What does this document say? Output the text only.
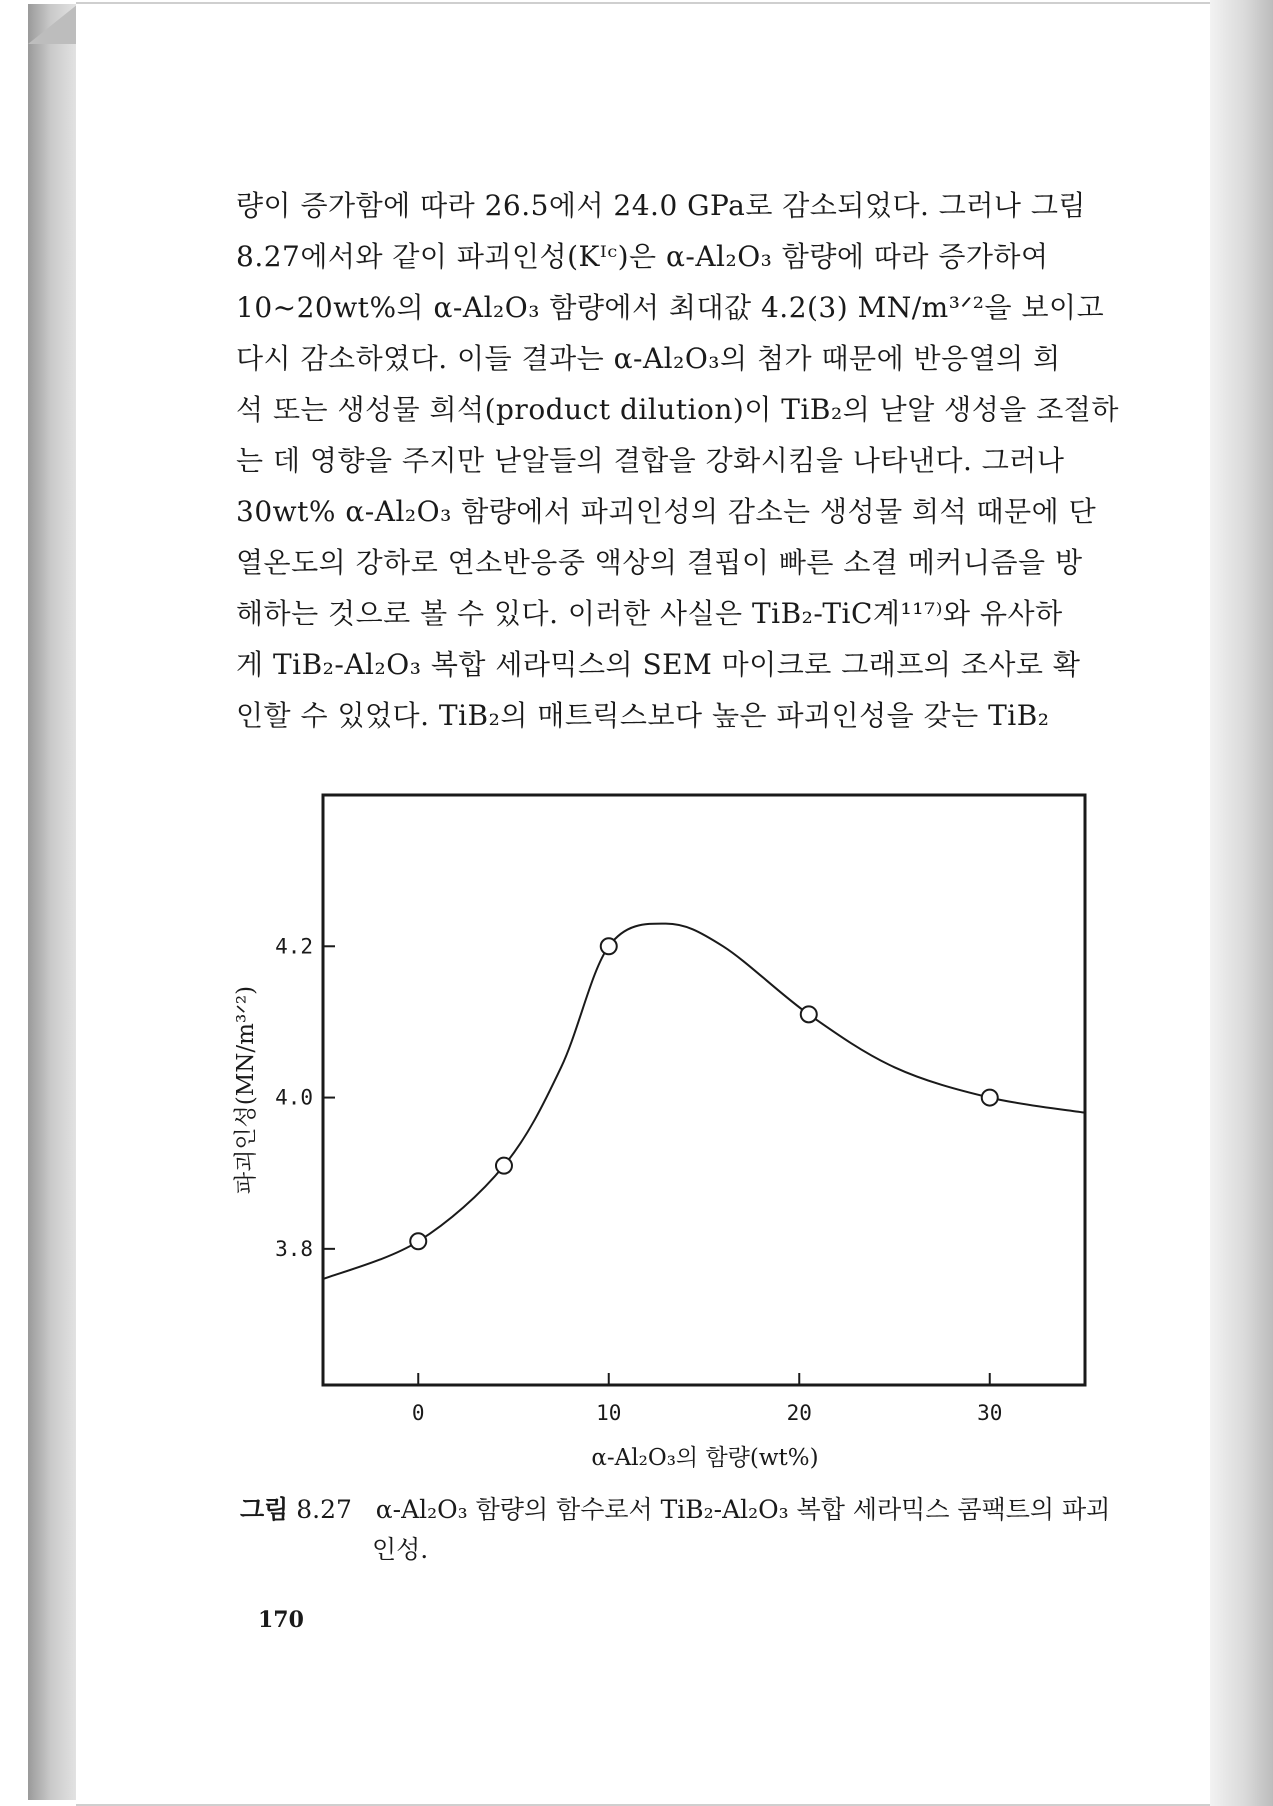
량이 증가함에 따라 26.5에서 24.0 GPa로 감소되었다. 그러나 그림
8.27에서와 같이 파괴인성(Kᴵᶜ)은 α-Al₂O₃ 함량에 따라 증가하여
10~20wt%의 α-Al₂O₃ 함량에서 최대값 4.2(3) MN/m³ᐟ²을 보이고
다시 감소하였다. 이들 결과는 α-Al₂O₃의 첨가 때문에 반응열의 희
석 또는 생성물 희석(product dilution)이 TiB₂의 낟알 생성을 조절하
는 데 영향을 주지만 낟알들의 결합을 강화시킴을 나타낸다. 그러나
30wt% α-Al₂O₃ 함량에서 파괴인성의 감소는 생성물 희석 때문에 단
열온도의 강하로 연소반응중 액상의 결핍이 빠른 소결 메커니즘을 방
해하는 것으로 볼 수 있다. 이러한 사실은 TiB₂-TiC계¹¹⁷⁾와 유사하
게 TiB₂-Al₂O₃ 복합 세라믹스의 SEM 마이크로 그래프의 조사로 확
인할 수 있었다. TiB₂의 매트릭스보다 높은 파괴인성을 갖는 TiB₂
3.8
4.0
4.2
0	10	20	30
α-Al₂O₃의 함량(wt%)
파괴인성(MN/m³ᐟ²)
그림 8.27 α-Al₂O₃ 함량의 함수로서 TiB₂-Al₂O₃ 복합 세라믹스 콤팩트의 파괴
인성.
170
